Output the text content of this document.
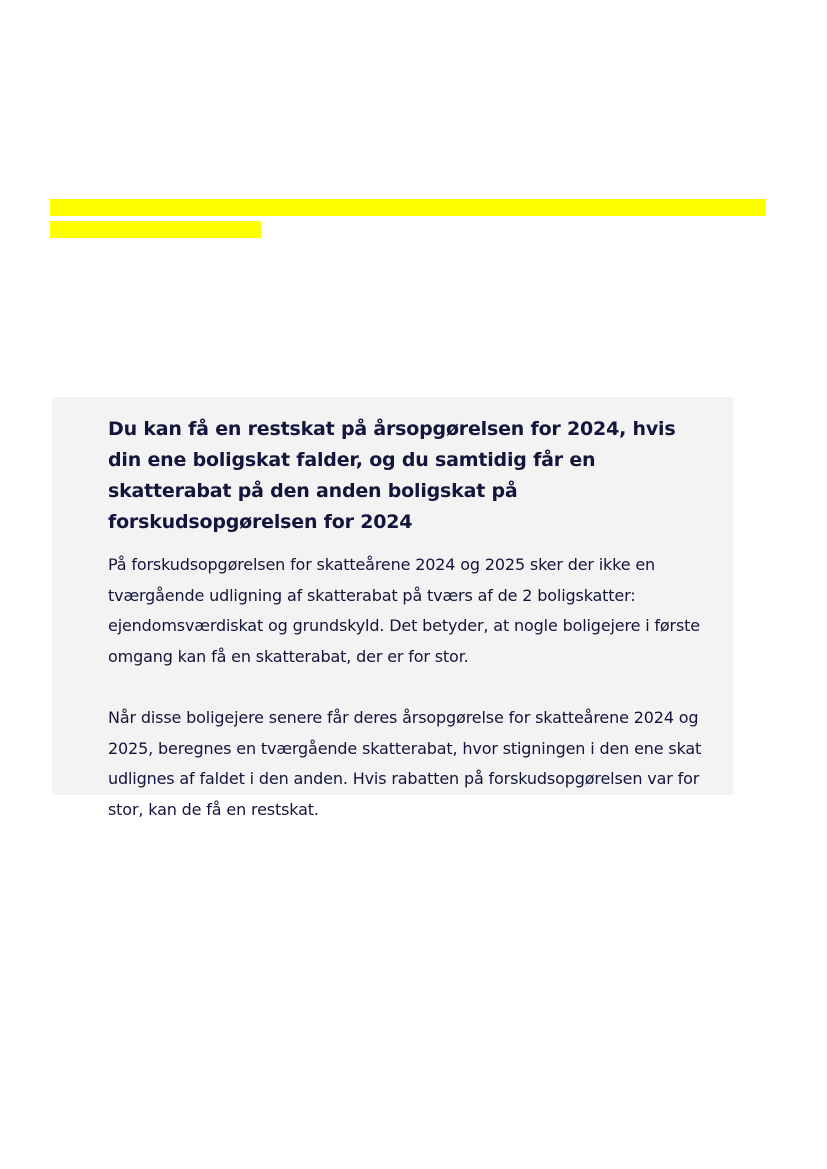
Du kan få en restskat på årsopgørelsen for 2024, hvis din ene boligskat falder, og du samtidig får en skatterabat på den anden boligskat på forskudsopgørelsen for 2024

På forskudsopgørelsen for skatteårene 2024 og 2025 sker der ikke en tværgående udligning af skatterabat på tværs af de 2 boligskatter: ejendomsværdiskat og grundskyld. Det betyder, at nogle boligejere i første omgang kan få en skatterabat, der er for stor.

Når disse boligejere senere får deres årsopgørelse for skatteårene 2024 og 2025, beregnes en tværgående skatterabat, hvor stigningen i den ene skat udlignes af faldet i den anden. Hvis rabatten på forskudsopgørelsen var for stor, kan de få en restskat.
